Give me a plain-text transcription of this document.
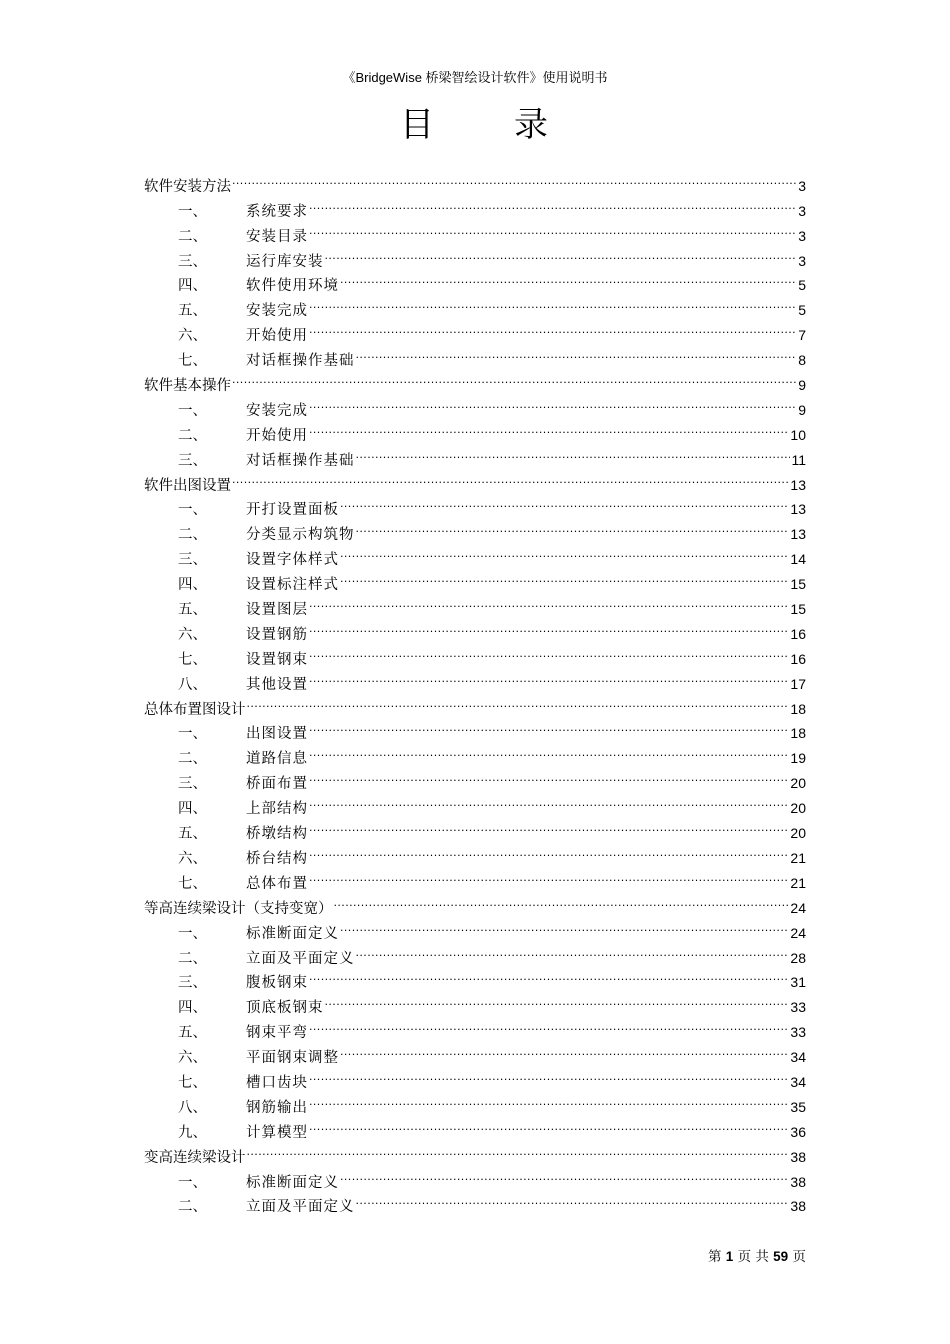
《BridgeWise 桥梁智绘设计软件》使用说明书
目 录
软件安装方法 .....	3
一、	系统要求 .....	3
二、	安装目录 .....	3
三、	运行库安装 .....	3
四、	软件使用环境 .....	5
五、	安装完成 .....	5
六、	开始使用 .....	7
七、	对话框操作基础 .....	8
软件基本操作 .....	9
一、	安装完成 .....	9
二、	开始使用 .....	10
三、	对话框操作基础 .....	11
软件出图设置 .....	13
一、	开打设置面板 .....	13
二、	分类显示构筑物 .....	13
三、	设置字体样式 .....	14
四、	设置标注样式 .....	15
五、	设置图层 .....	15
六、	设置钢筋 .....	16
七、	设置钢束 .....	16
八、	其他设置 .....	17
总体布置图设计 .....	18
一、	出图设置 .....	18
二、	道路信息 .....	19
三、	桥面布置 .....	20
四、	上部结构 .....	20
五、	桥墩结构 .....	20
六、	桥台结构 .....	21
七、	总体布置 .....	21
等高连续梁设计（支持变宽） .....	24
一、	标准断面定义 .....	24
二、	立面及平面定义 .....	28
三、	腹板钢束 .....	31
四、	顶底板钢束 .....	33
五、	钢束平弯 .....	33
六、	平面钢束调整 .....	34
七、	槽口齿块 .....	34
八、	钢筋输出 .....	35
九、	计算模型 .....	36
变高连续梁设计 .....	38
一、	标准断面定义 .....	38
二、	立面及平面定义 .....	38
第 1 页 共 59 页
